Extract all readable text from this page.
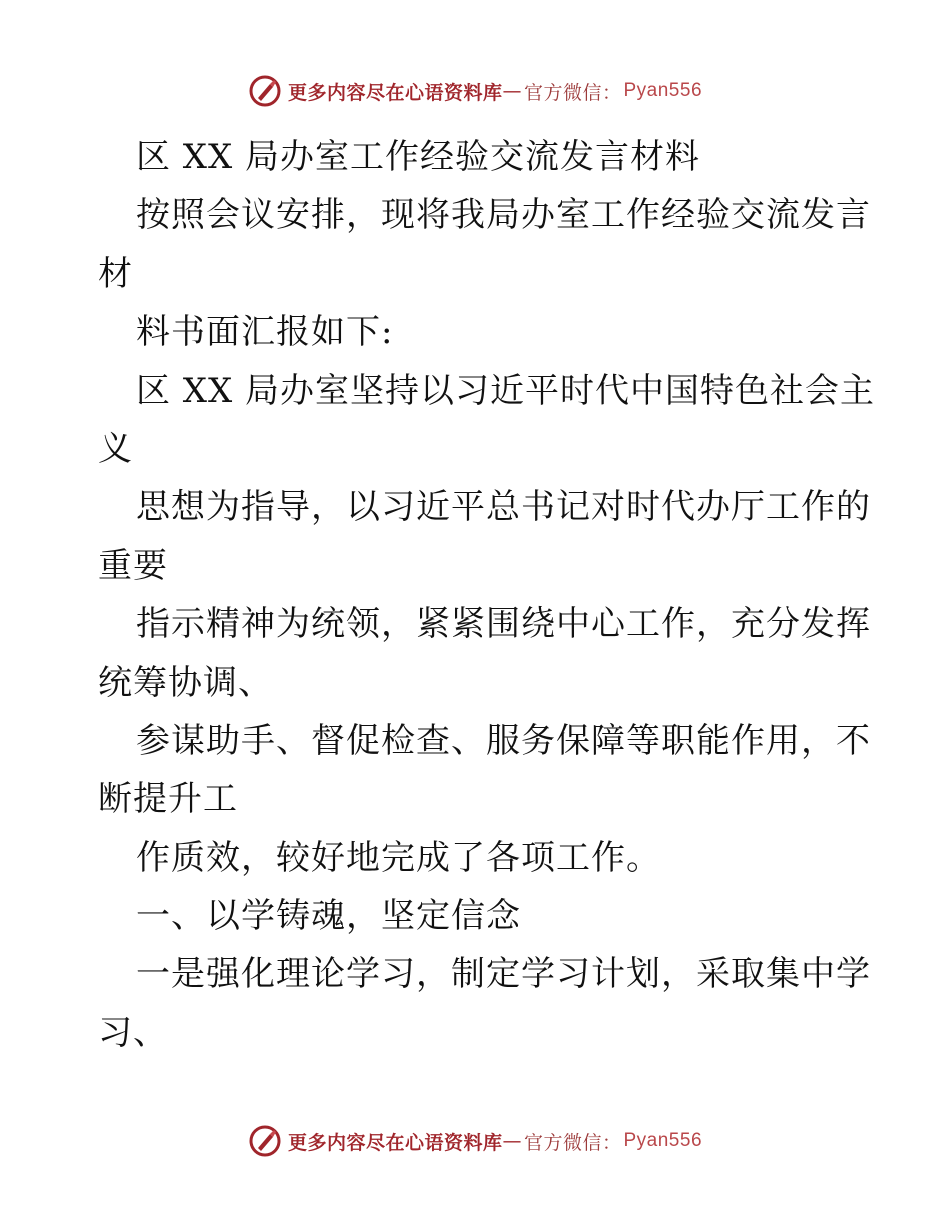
更多内容尽在心语资料库 — 官方微信： Pyan556
区 XX 局办室工作经验交流发言材料
按照会议安排，现将我局办室工作经验交流发言
材
料书面汇报如下:
区 XX 局办室坚持以习近平时代中国特色社会主
义
思想为指导，以习近平总书记对时代办厅工作的
重要
指示精神为统领，紧紧围绕中心工作，充分发挥
统筹协调、
参谋助手、督促检查、服务保障等职能作用，不
断提升工
作质效，较好地完成了各项工作。
一、以学铸魂，坚定信念
一是强化理论学习，制定学习计划，采取集中学
习、
更多内容尽在心语资料库 — 官方微信： Pyan556
